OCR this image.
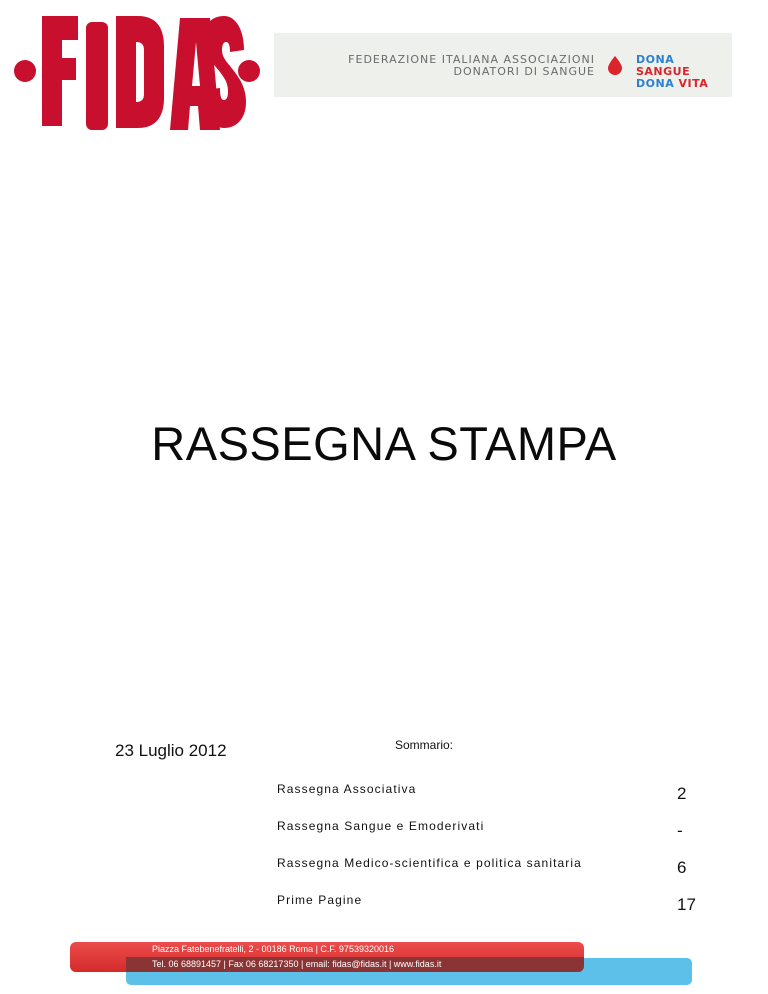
FEDERAZIONE ITALIANA ASSOCIAZIONI
DONATORI DI SANGUE
DONA SANGUE
DONA VITA
RASSEGNA STAMPA
23 Luglio 2012	Sommario:
Rassegna Associativa	2
Rassegna Sangue e Emoderivati	-
Rassegna Medico-scientifica e politica sanitaria	6
Prime Pagine	17
Piazza Fatebenefratelli, 2 - 00186 Roma | C.F. 97539320016
Tel. 06 68891457 | Fax 06 68217350 | email: fidas@fidas.it | www.fidas.it
